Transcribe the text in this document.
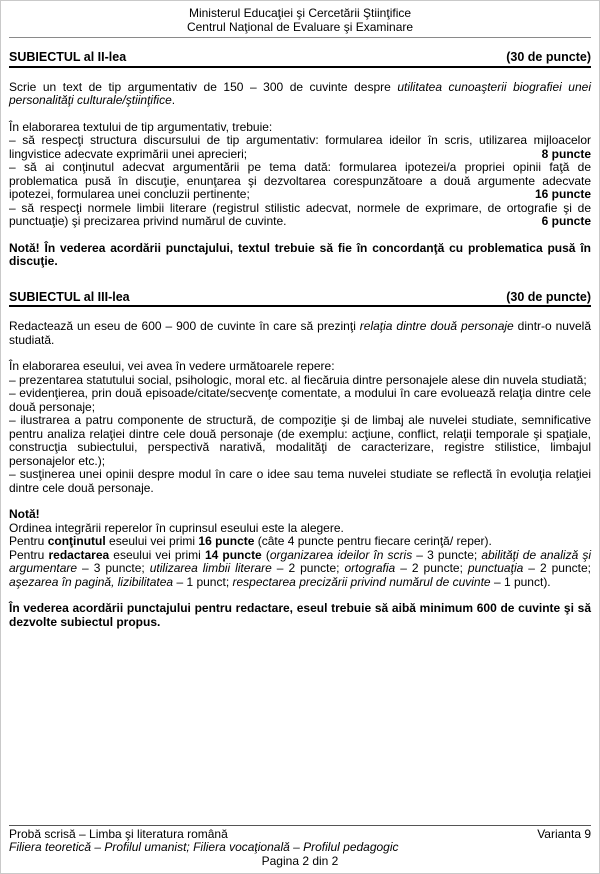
Ministerul Educaţiei şi Cercetării Ştiinţifice
Centrul Naţional de Evaluare şi Examinare
SUBIECTUL al II-lea	(30 de puncte)

Scrie un text de tip argumentativ de 150 – 300 de cuvinte despre utilitatea cunoaşterii biografiei unei personalităţi culturale/ştiinţifice.

În elaborarea textului de tip argumentativ, trebuie:

– să respecţi structura discursului de tip argumentativ: formularea ideilor în scris, utilizarea mijloacelor lingvistice adecvate exprimării unei aprecieri;	8 puncte

– să ai conţinutul adecvat argumentării pe tema dată: formularea ipotezei/a propriei opinii faţă de problematica pusă în discuţie, enunţarea şi dezvoltarea corespunzătoare a două argumente adecvate ipotezei, formularea unei concluzii pertinente;	16 puncte

– să respecţi normele limbii literare (registrul stilistic adecvat, normele de exprimare, de ortografie şi de punctuaţie) şi precizarea privind numărul de cuvinte.	6 puncte

Notă! În vederea acordării punctajului, textul trebuie să fie în concordanţă cu problematica pusă în discuţie.

SUBIECTUL al III-lea	(30 de puncte)

Redactează un eseu de 600 – 900 de cuvinte în care să prezinţi relaţia dintre două personaje dintr-o nuvelă studiată.

În elaborarea eseului, vei avea în vedere următoarele repere:

– prezentarea statutului social, psihologic, moral etc. al fiecăruia dintre personajele alese din nuvela studiată;

– evidenţierea, prin două episoade/citate/secvenţe comentate, a modului în care evoluează relaţia dintre cele două personaje;

– ilustrarea a patru componente de structură, de compoziţie şi de limbaj ale nuvelei studiate, semnificative pentru analiza relaţiei dintre cele două personaje (de exemplu: acţiune, conflict, relaţii temporale şi spaţiale, construcţia subiectului, perspectivă narativă, modalităţi de caracterizare, registre stilistice, limbajul personajelor etc.);

– susţinerea unei opinii despre modul în care o idee sau tema nuvelei studiate se reflectă în evoluţia relaţiei dintre cele două personaje.

Notă!

Ordinea integrării reperelor în cuprinsul eseului este la alegere.

Pentru conţinutul eseului vei primi 16 puncte (câte 4 puncte pentru fiecare cerinţă/ reper).

Pentru redactarea eseului vei primi 14 puncte (organizarea ideilor în scris – 3 puncte; abilităţi de analiză şi argumentare – 3 puncte; utilizarea limbii literare – 2 puncte; ortografia – 2 puncte; punctuaţia – 2 puncte; aşezarea în pagină, lizibilitatea – 1 punct; respectarea precizării privind numărul de cuvinte – 1 punct).

În vederea acordării punctajului pentru redactare, eseul trebuie să aibă minimum 600 de cuvinte şi să dezvolte subiectul propus.

Probă scrisă – Limba şi literatura română	Varianta 9
Filiera teoretică – Profilul umanist; Filiera vocaţională – Profilul pedagogic
Pagina 2 din 2
